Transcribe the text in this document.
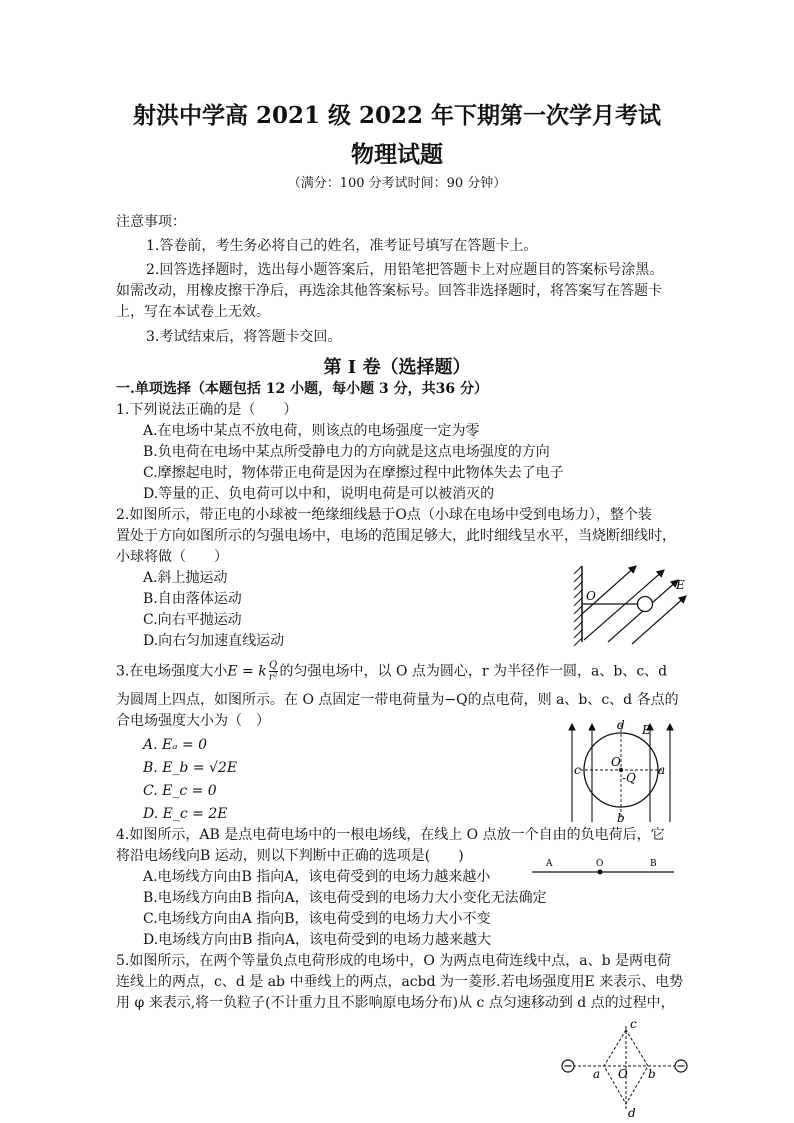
射洪中学高 2021 级 2022 年下期第一次学月考试
物理试题
（满分：100 分考试时间：90 分钟）
注意事项：
1.答卷前，考生务必将自己的姓名，准考证号填写在答题卡上。
2.回答选择题时，选出每小题答案后，用铅笔把答题卡上对应题目的答案标号涂黑。
如需改动，用橡皮擦干净后，再选涂其他答案标号。回答非选择题时，将答案写在答题卡
上，写在本试卷上无效。
3.考试结束后，将答题卡交回。
第 I 卷（选择题）
一.单项选择（本题包括 12 小题，每小题 3 分，共36 分）
1.下列说法正确的是（　　）
A.在电场中某点不放电荷，则该点的电场强度一定为零
B.负电荷在电场中某点所受静电力的方向就是这点电场强度的方向
C.摩擦起电时，物体带正电荷是因为在摩擦过程中此物体失去了电子
D.等量的正、负电荷可以中和，说明电荷是可以被消灭的
2.如图所示，带正电的小球被一绝缘细线悬于O点（小球在电场中受到电场力），整个装
置处于方向如图所示的匀强电场中，电场的范围足够大，此时细线呈水平，当烧断细线时，
小球将做（　　）
A.斜上抛运动
B.自由落体运动
C.向右平抛运动
D.向右匀加速直线运动
O
E
3.在电场强度大小E = k $\frac{Q}{\text{r²}}$ 的匀强电场中，以 O 点为圆心，r 为半径作一圆，a、b、c、d
为圆周上四点，如图所示。在 O 点固定一带电荷量为−Q的点电荷，则 a、b、c、d 各点的
合电场强度大小为（　）
A. Eₐ = 0
B. E_b = √2E
C. E_c = 0
D. E_c = 2E
O
-Q
d
b
c	a
E
4.如图所示，AB 是点电荷电场中的一根电场线，在线上 O 点放一个自由的负电荷后，它
将沿电场线向B 运动，则以下判断中正确的选项是(　　)
A.电场线方向由B 指向A，该电荷受到的电场力越来越小
B.电场线方向由B 指向A，该电荷受到的电场力大小变化无法确定
C.电场线方向由A 指向B，该电荷受到的电场力大小不变
D.电场线方向由B 指向A，该电荷受到的电场力越来越大
A	O	B
5.如图所示，在两个等量负点电荷形成的电场中，O 为两点电荷连线中点，a、b 是两电荷
连线上的两点，c、d 是 ab 中垂线上的两点，acbd 为一菱形.若电场强度用E 来表示、电势
用 φ 来表示,将一负粒子(不计重力且不影响原电场分布)从 c 点匀速移动到 d 点的过程中，
c
a O b
d
